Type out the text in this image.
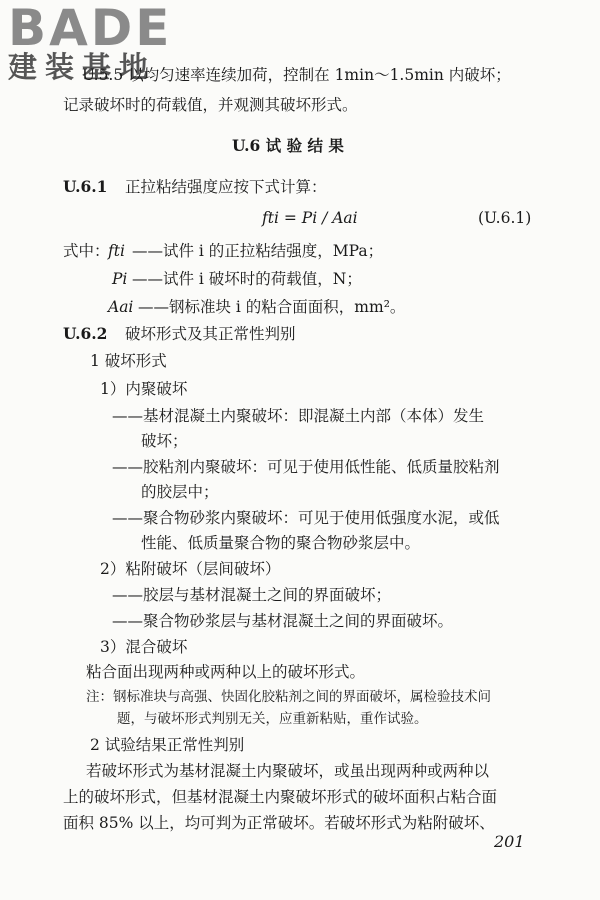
BADE
建装基地
U.5.5 以均匀速率连续加荷，控制在 1min～1.5min 内破坏；
记录破坏时的荷载值，并观测其破坏形式。
U.6 试 验 结 果
U.6.1 正拉粘结强度应按下式计算：
fti = Pi / Aai	(U.6.1)
式中：
fti ——试件 i 的正拉粘结强度，MPa；
Pi ——试件 i 破坏时的荷载值，N；
Aai ——钢标准块 i 的粘合面面积，mm²。
U.6.2 破坏形式及其正常性判别
1 破坏形式
1）内聚破坏
——基材混凝土内聚破坏：即混凝土内部（本体）发生
破坏；
——胶粘剂内聚破坏：可见于使用低性能、低质量胶粘剂
的胶层中；
——聚合物砂浆内聚破坏：可见于使用低强度水泥，或低
性能、低质量聚合物的聚合物砂浆层中。
2）粘附破坏（层间破坏）
——胶层与基材混凝土之间的界面破坏；
——聚合物砂浆层与基材混凝土之间的界面破坏。
3）混合破坏
粘合面出现两种或两种以上的破坏形式。
注：钢标准块与高强、快固化胶粘剂之间的界面破坏，属检验技术问
题，与破坏形式判别无关，应重新粘贴，重作试验。
2 试验结果正常性判别
若破坏形式为基材混凝土内聚破坏，或虽出现两种或两种以
上的破坏形式，但基材混凝土内聚破坏形式的破坏面积占粘合面
面积 85% 以上，均可判为正常破坏。若破坏形式为粘附破坏、
201
